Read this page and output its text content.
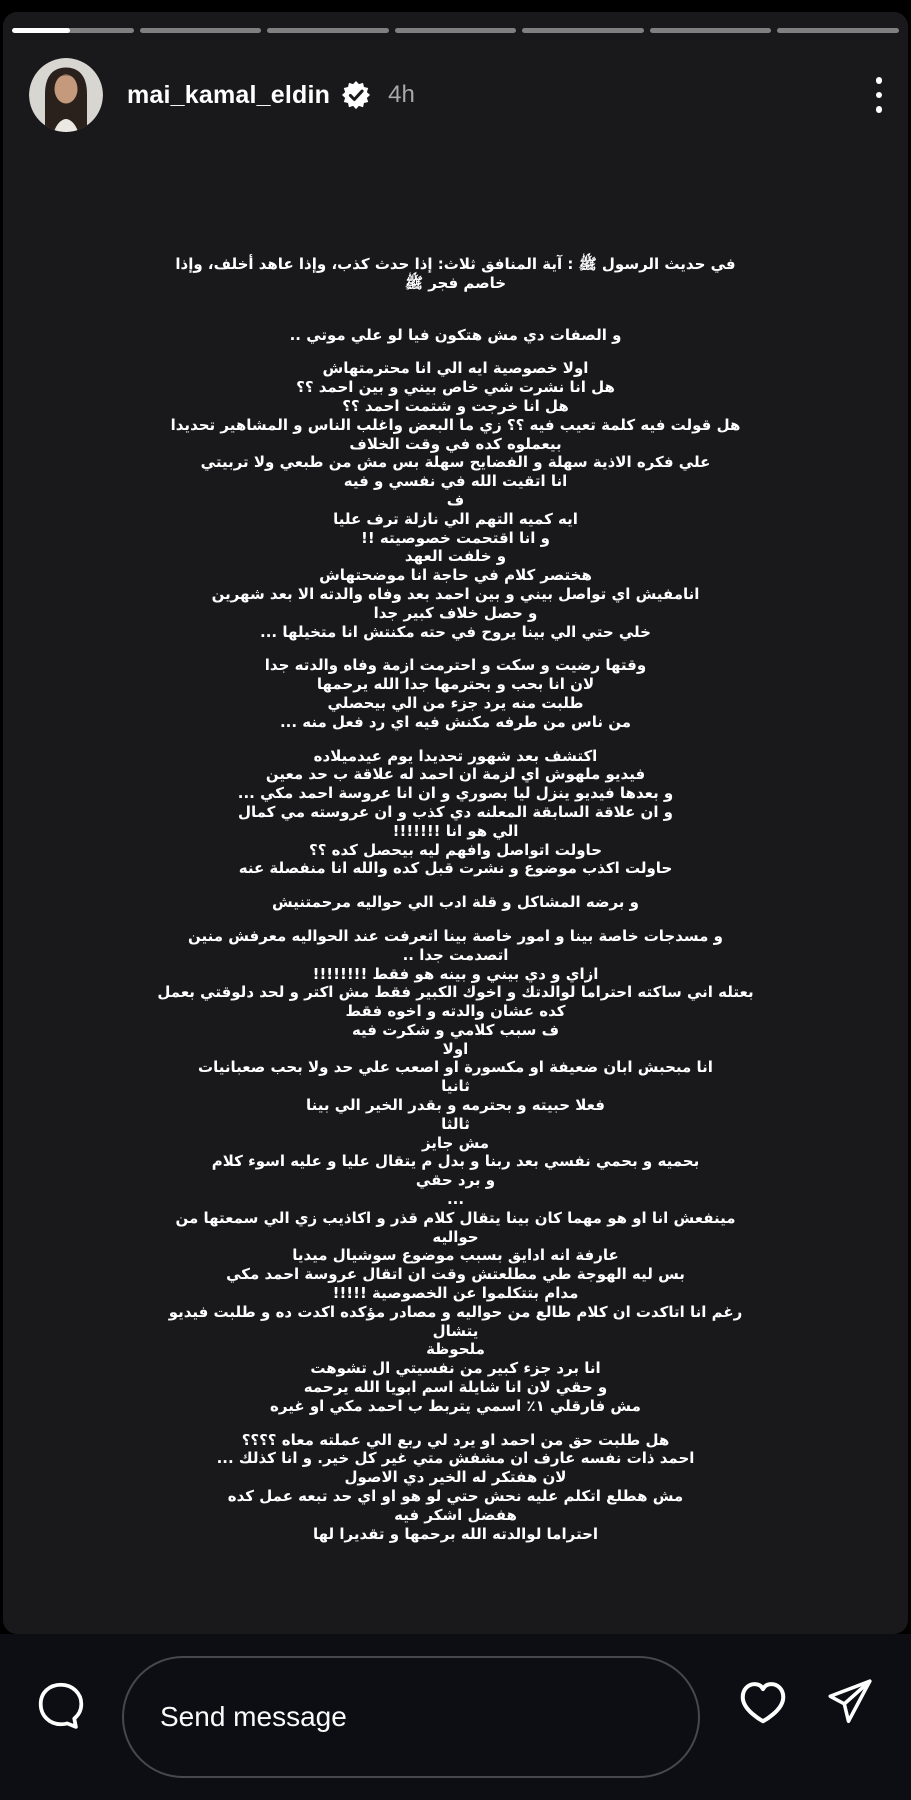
mai_kamal_eldin 4h
في حديث الرسول ﷺ : آية المنافق ثلاث: إذا حدث كذب، وإذا عاهد أخلف، وإذا
خاصم فجر ﷺ
و الصفات دي مش هتكون فيا لو علي موتي ..
اولا خصوصية ايه الي انا محترمتهاش
هل انا نشرت شي خاص بيني و بين احمد ؟؟
هل انا خرجت و شتمت احمد ؟؟
هل قولت فيه كلمة تعيب فيه ؟؟ زي ما البعض واغلب الناس و المشاهير تحديدا
بيعملوه كده في وقت الخلاف
علي فكره الاذية سهلة و الفضايح سهلة بس مش من طبعي ولا تربيتي
انا اتقيت الله في نفسي و فيه
ف
ايه كميه التهم الي نازلة ترف عليا
و انا اقتحمت خصوصيته !!
و خلفت العهد
هختصر كلام في حاجة انا موضحتهاش
انامفيش اي تواصل بيني و بين احمد بعد وفاه والدته الا بعد شهرين
و حصل خلاف كبير جدا
خلي حتي الي بينا يروح في حته مكنتش انا متخيلها ...
وقتها رضيت و سكت و احترمت ازمة وفاه والدته جدا
لان انا بحب و بحترمها جدا الله يرحمها
طلبت منه يرد جزء من الي بيحصلي
من ناس من طرفه مكنش فيه اي رد فعل منه ...
اكتشف بعد شهور تحديدا يوم عيدميلاده
فيديو ملهوش اي لزمة ان احمد له علاقة ب حد معين
و بعدها فيديو ينزل ليا بصوري و ان انا عروسة احمد مكي ...
و ان علاقة السابقة المعلنه دي كذب و ان عروسته مي كمال
الي هو انا !!!!!!!
حاولت اتواصل وافهم ليه بيحصل كده ؟؟
حاولت اكذب موضوع و نشرت قبل كده والله انا منفصلة عنه
و برضه المشاكل و قلة ادب الي حواليه مرحمتنيش
و مسدجات خاصة بينا و امور خاصة بينا اتعرفت عند الحواليه معرفش منين
اتصدمت جدا ..
ازاي و دي بيني و بينه هو فقط !!!!!!!!
بعتله اني ساكته احتراما لوالدتك و اخوك الكبير فقط مش اكتر و لحد دلوقتي بعمل
كده عشان والدته و اخوه فقط
ف سبب كلامي و شكرت فيه
اولا
انا مبحبش ابان ضعيفة او مكسورة او اصعب علي حد ولا بحب صعبانيات
ثانيا
فعلا حبيته و بحترمه و بقدر الخير الي بينا
ثالثا
مش جايز
بحميه و بحمي نفسي بعد ربنا و بدل م يتقال عليا و عليه اسوء كلام
و برد حقي
...
مينفعش انا او هو مهما كان بينا يتقال كلام قذر و اكاذيب زي الي سمعتها من
حواليه
عارفة انه ادايق بسبب موضوع سوشيال ميديا
بس ليه الهوجة طي مطلعتش وقت ان اتقال عروسة احمد مكي
مدام بتتكلموا عن الخصوصية !!!!!
رغم انا اتاكدت ان كلام طالع من حواليه و مصادر مؤكده اكدت ده و طلبت فيديو
يتشال
ملحوظة
انا برد جزء كبير من نفسيتي ال تشوهت
و حقي لان انا شايلة اسم ابويا الله يرحمه
مش فارقلي ١٪ اسمي يتربط ب احمد مكي او غيره
هل طلبت حق من احمد او يرد لي ربع الي عملته معاه ؟؟؟؟
احمد ذات نفسه عارف ان مشفش متي غير كل خير. و انا كذلك ...
لان هفتكر له الخير دي الاصول
مش هطلع اتكلم عليه نحش حتي لو هو او اي حد تبعه عمل كده
هفضل اشكر فيه
احتراما لوالدته الله برحمها و تقديرا لها
Send message
